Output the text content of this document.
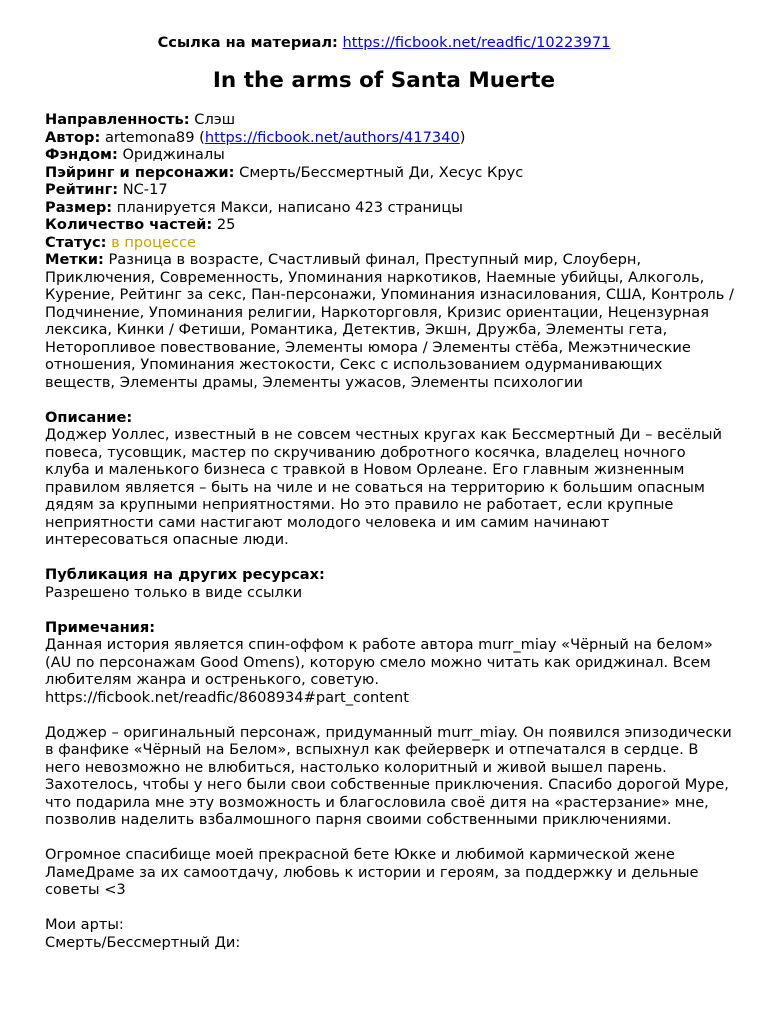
Ссылка на материал: https://ficbook.net/readfic/10223971
In the arms of Santa Muerte
Направленность: Слэш
Автор: artemona89 (https://ficbook.net/authors/417340)
Фэндом: Ориджиналы
Пэйринг и персонажи: Смерть/Бессмертный Ди, Хесус Крус
Рейтинг: NC-17
Размер: планируется Макси, написано 423 страницы
Количество частей: 25
Статус: в процессе
Метки: Разница в возрасте, Счастливый финал, Преступный мир, Слоуберн, Приключения, Современность, Упоминания наркотиков, Наемные убийцы, Алкоголь, Курение, Рейтинг за секс, Пан-персонажи, Упоминания изнасилования, США, Контроль / Подчинение, Упоминания религии, Наркоторговля, Кризис ориентации, Нецензурная лексика, Кинки / Фетиши, Романтика, Детектив, Экшн, Дружба, Элементы гета, Неторопливое повествование, Элементы юмора / Элементы стёба, Межэтнические отношения, Упоминания жестокости, Секс с использованием одурманивающих веществ, Элементы драмы, Элементы ужасов, Элементы психологии
Описание:

Доджер Уоллес, известный в не совсем честных кругах как Бессмертный Ди – весёлый повеса, тусовщик, мастер по скручиванию добротного косячка, владелец ночного клуба и маленького бизнеса с травкой в Новом Орлеане. Его главным жизненным правилом является – быть на чиле и не соваться на территорию к большим опасным дядям за крупными неприятностями. Но это правило не работает, если крупные неприятности сами настигают молодого человека и им самим начинают интересоваться опасные люди.

Публикация на других ресурсах:

Разрешено только в виде ссылки

Примечания:

Данная история является спин-оффом к работе автора murr_miay «Чёрный на белом» (AU по персонажам Good Omens), которую смело можно читать как ориджинал. Всем любителям жанра и остренького, советую.

https://ficbook.net/readfic/8608934#part_content

Доджер – оригинальный персонаж, придуманный murr_miay. Он появился эпизодически в фанфике «Чёрный на Белом», вспыхнул как фейерверк и отпечатался в сердце. В него невозможно не влюбиться, настолько колоритный и живой вышел парень. Захотелось, чтобы у него были свои собственные приключения. Спасибо дорогой Муре, что подарила мне эту возможность и благословила своё дитя на «растерзание» мне, позволив наделить взбалмошного парня своими собственными приключениями.

Огромное спасибище моей прекрасной бете Юкке и любимой кармической жене ЛамеДраме за их самоотдачу, любовь к истории и героям, за поддержку и дельные советы <3

Мои арты:

Смерть/Бессмертный Ди:
